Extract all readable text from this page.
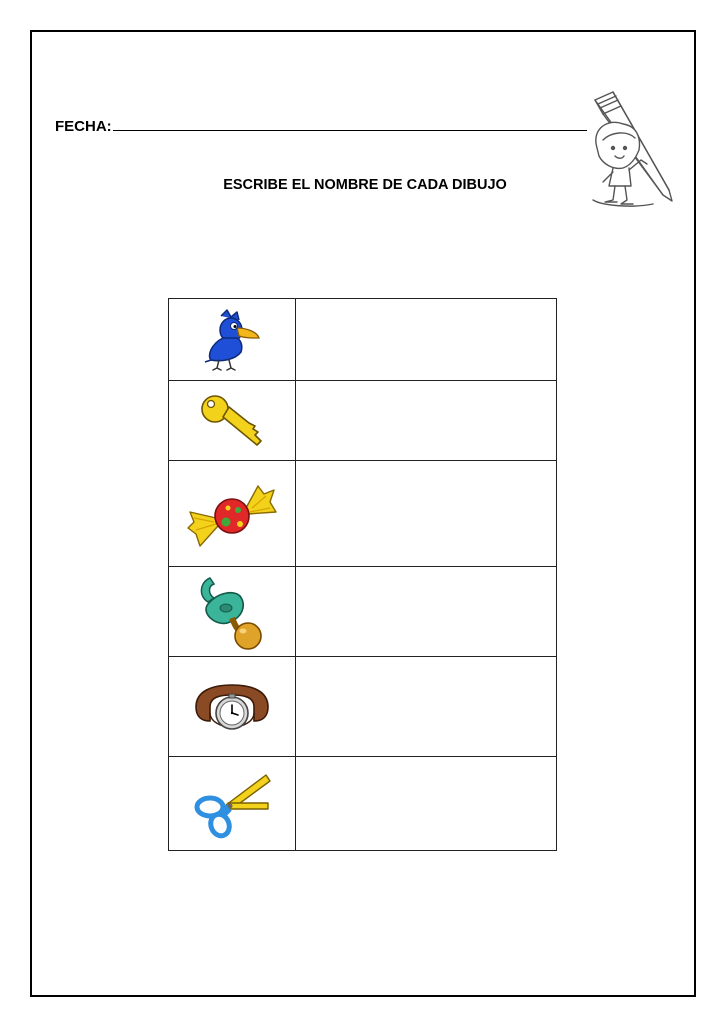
FECHA:
ESCRIBE EL NOMBRE DE CADA DIBUJO
